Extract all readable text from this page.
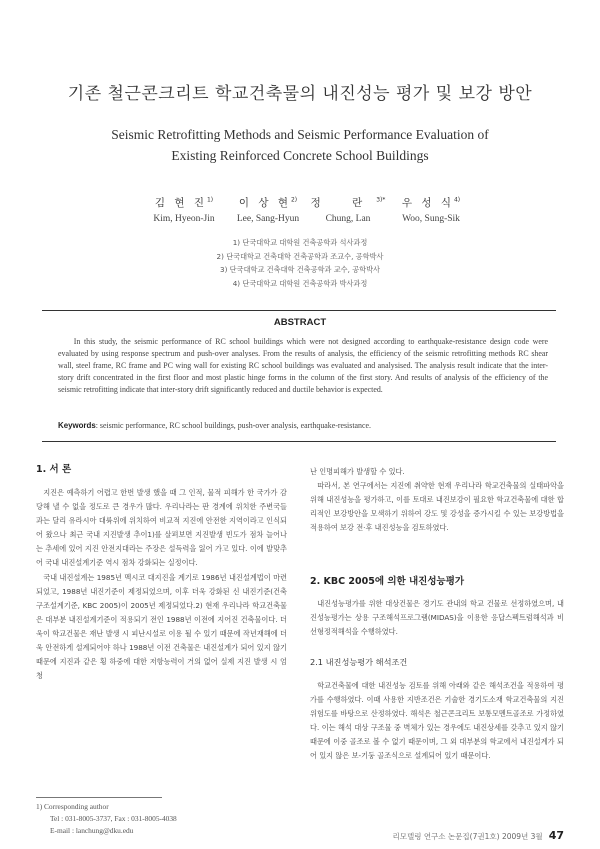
기존 철근콘크리트 학교건축물의 내진성능 평가 및 보강 방안
Seismic Retrofitting Methods and Seismic Performance Evaluation of
Existing Reinforced Concrete School Buildings
김 현 진$^{1)}$
Kim, Hyeon-Jin
이 상 현$^{2)}$
Lee, Sang-Hyun
정 란$^{3)*}$
Chung, Lan
우 성 식$^{4)}$
Woo, Sung-Sik
1) 단국대학교 대학원 건축공학과 석사과정
2) 단국대학교 건축대학 건축공학과 조교수, 공학박사
3) 단국대학교 건축대학 건축공학과 교수, 공학박사
4) 단국대학교 대학원 건축공학과 박사과정
ABSTRACT
In this study, the seismic performance of RC school buildings which were not designed according to earthquake-resistance design code were evaluated by using response spectrum and push-over analyses. From the results of analysis, the efficiency of the seismic retrofitting methods RC shear wall, steel frame, RC frame and PC wing wall for existing RC school buildings was evaluated and analysised. The analysis result indicate that the inter-story drift concentrated in the first floor and most plastic hinge forms in the column of the first story. And results of analysis of the efficiency of the seismic retrofitting indicate that inter-story drift significantly reduced and ductile behavior is expected.
Keywords: seismic performance, RC school buildings, push-over analysis, earthquake-resistance.
1. 서 론

지진은 예측하기 어렵고 한번 발생 했을 때 그 인적, 물적 피해가 한 국가가 감당해 낼 수 없을 정도로 큰 경우가 많다. 우리나라는 판 경계에 위치한 주변국들과는 달리 유라시아 대륙위에 위치하여 비교적 지진에 안전한 지역이라고 인식되어 왔으나 최근 국내 지진발생 추이1)를 살펴보면 지진발생 빈도가 점차 늘어나는 추세에 있어 지진 안전지대라는 주장은 설득력을 잃어 가고 있다. 이에 발맞추어 국내 내진설계기준 역시 점차 강화되는 실정이다.

국내 내진설계는 1985년 멕시코 대지진을 계기로 1986년 내진설계법이 마련되었고, 1988년 내진기준이 제정되었으며, 이후 더욱 강화된 신 내진기준(건축구조설계기준, KBC 2005)이 2005년 제정되었다.2) 현재 우리나라 학교건축물은 대부분 내진설계기준이 적용되기 전인 1988년 이전에 지어진 건축물이다. 더욱이 학교건물은 재난 발생 시 피난시설로 이용 될 수 있기 때문에 작년재해에 더욱 안전하게 설계되어야 하나 1988년 이전 건축물은 내진설계가 되어 있지 않기 때문에 지진과 같은 횡 하중에 대한 저항능력이 거의 없어 실제 지진 발생 시 엄청

난 인명피해가 발생할 수 있다.

따라서, 본 연구에서는 지진에 취약한 현재 우리나라 학교건축물의 실태파악을 위해 내진성능을 평가하고, 이를 토대로 내진보강이 필요한 학교건축물에 대한 합리적인 보강방안을 모색하기 위하여 강도 및 강성을 증가시킬 수 있는 보강방법을 적용하여 보강 전·후 내진성능을 검토하였다.

2. KBC 2005에 의한 내진성능평가

내진성능평가를 위한 대상건물은 경기도 관내의 학교 건물로 선정하였으며, 내진성능평가는 상용 구조해석프로그램(MIDAS)을 이용한 응답스펙트럼해석과 비선형정적해석을 수행하였다.

2.1 내진성능평가 해석조건

학교건축물에 대한 내진성능 검토를 위해 아래와 같은 해석조건을 적용하여 평가를 수행하였다. 이때 사용한 지반조건은 기술한 경기도소재 학교건축물의 지진위험도를 바탕으로 산정하였다. 해석은 철근콘크리트 보통모멘트골조로 가정하였다. 이는 해석 대상 구조물 중 벽체가 있는 경우에도 내진상세를 갖추고 있지 않기 때문에 이중 골조로 볼 수 없기 때문이며, 그 외 대부분의 학교에서 내진설계가 되어 있지 않은 보-기둥 골조식으로 설계되어 있기 때문이다.

1) Corresponding author
Tel : 031-8005-3737, Fax : 031-8005-4038
E-mail : lanchung@dku.edu
리모델링 연구소 논문집(7권1호) 2009년 3월 47
